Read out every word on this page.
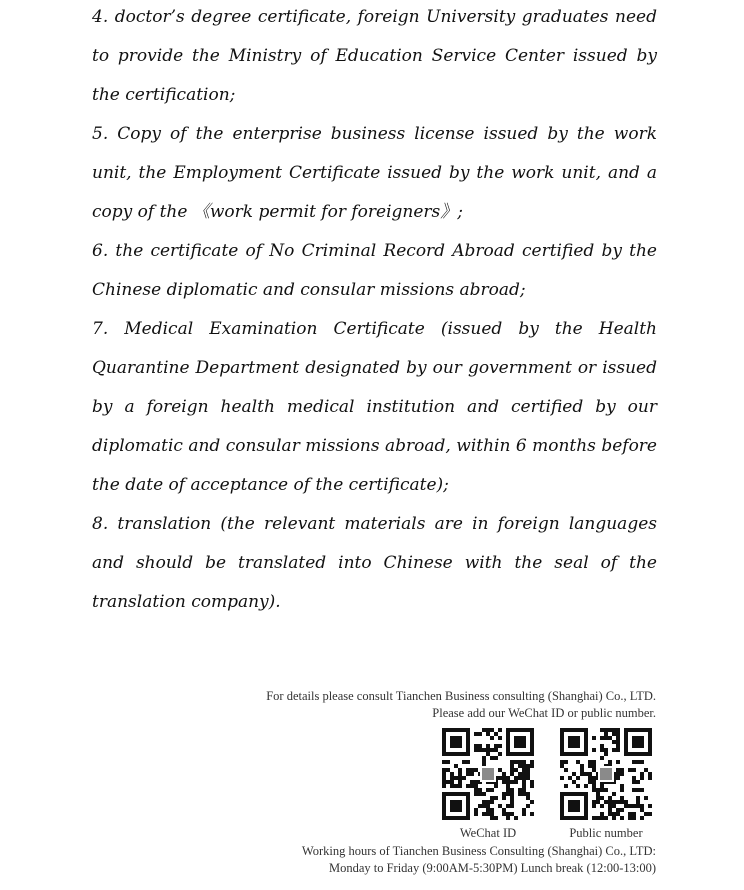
4. doctor’s degree certificate, foreign University graduates need to provide the Ministry of Education Service Center issued by the certification;

5. Copy of the enterprise business license issued by the work unit, the Employment Certificate issued by the work unit, and a copy of the 《work permit for foreigners》;

6. the certificate of No Criminal Record Abroad certified by the Chinese diplomatic and consular missions abroad;

7. Medical Examination Certificate (issued by the Health Quarantine Department designated by our government or issued by a foreign health medical institution and certified by our diplomatic and consular missions abroad, within 6 months before the date of acceptance of the certificate);

8. translation (the relevant materials are in foreign languages and should be translated into Chinese with the seal of the translation company).

For details please consult Tianchen Business consulting (Shanghai) Co., LTD.

Please add our WeChat ID or public number.

WeChat ID	Public number

Working hours of Tianchen Business Consulting (Shanghai) Co., LTD:

Monday to Friday (9:00AM-5:30PM) Lunch break (12:00-13:00)
